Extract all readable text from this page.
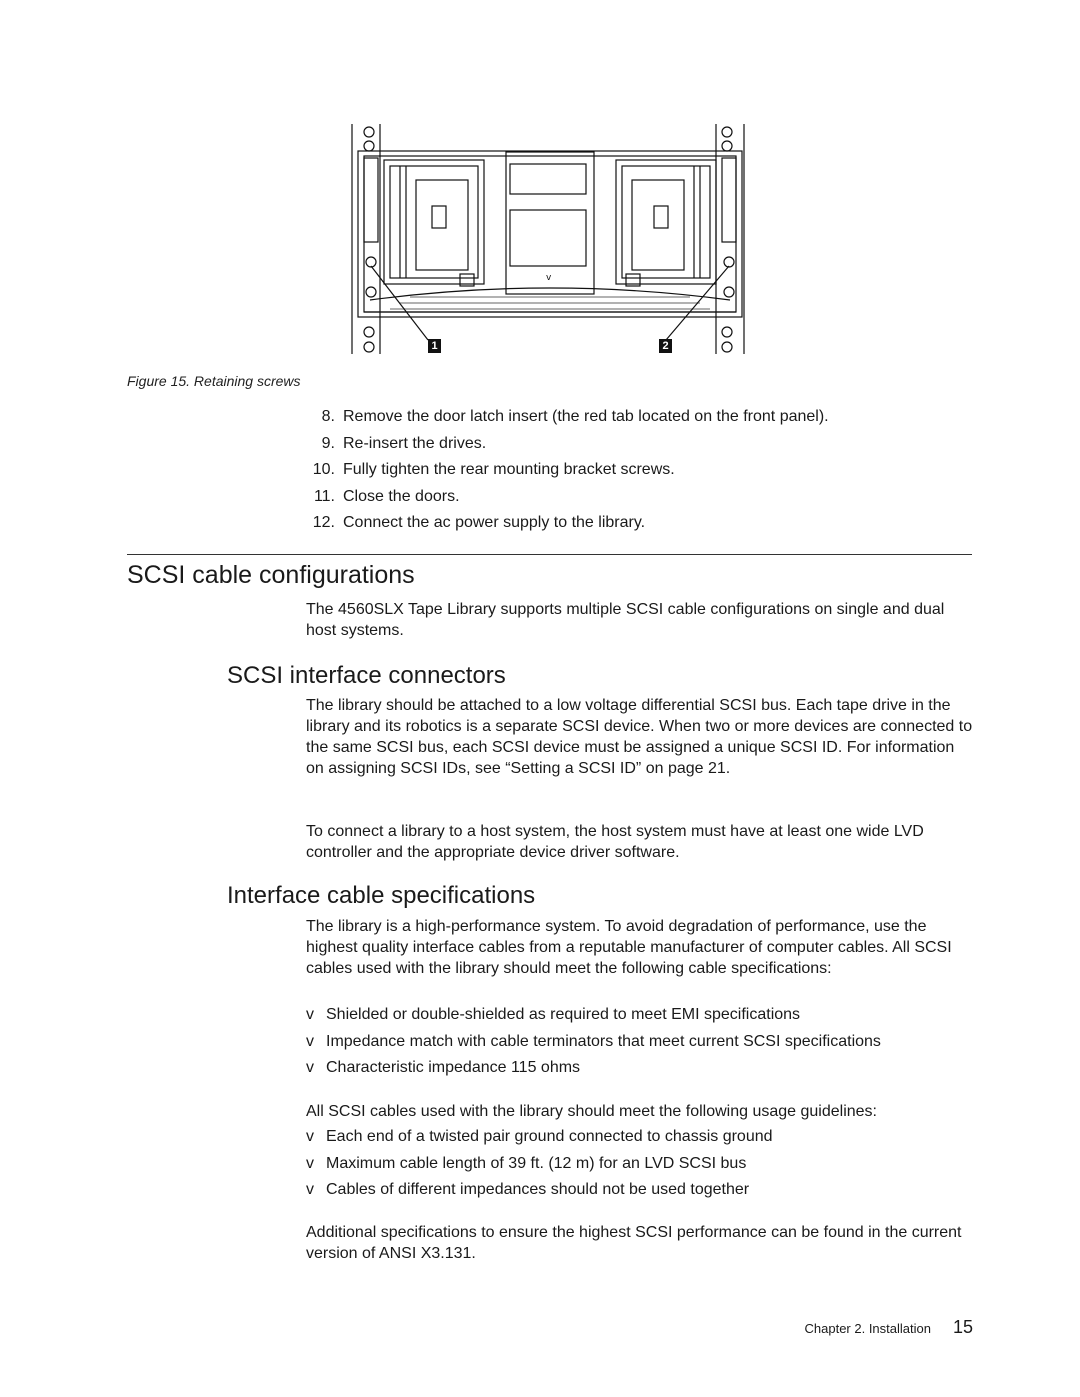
v
1	2
Figure 15. Retaining screws
8. Remove the door latch insert (the red tab located on the front panel).
9. Re-insert the drives.
10. Fully tighten the rear mounting bracket screws.
11. Close the doors.
12. Connect the ac power supply to the library.
SCSI cable configurations

The 4560SLX Tape Library supports multiple SCSI cable configurations on single and dual host systems.

SCSI interface connectors

The library should be attached to a low voltage differential SCSI bus. Each tape drive in the library and its robotics is a separate SCSI device. When two or more devices are connected to the same SCSI bus, each SCSI device must be assigned a unique SCSI ID. For information on assigning SCSI IDs, see “Setting a SCSI ID” on page 21.

To connect a library to a host system, the host system must have at least one wide LVD controller and the appropriate device driver software.

Interface cable specifications

The library is a high-performance system. To avoid degradation of performance, use the highest quality interface cables from a reputable manufacturer of computer cables. All SCSI cables used with the library should meet the following cable specifications:

v Shielded or double-shielded as required to meet EMI specifications
v Impedance match with cable terminators that meet current SCSI specifications
v Characteristic impedance 115 ohms

All SCSI cables used with the library should meet the following usage guidelines:

v Each end of a twisted pair ground connected to chassis ground
v Maximum cable length of 39 ft. (12 m) for an LVD SCSI bus
v Cables of different impedances should not be used together

Additional specifications to ensure the highest SCSI performance can be found in the current version of ANSI X3.131.

Chapter 2. Installation 15
